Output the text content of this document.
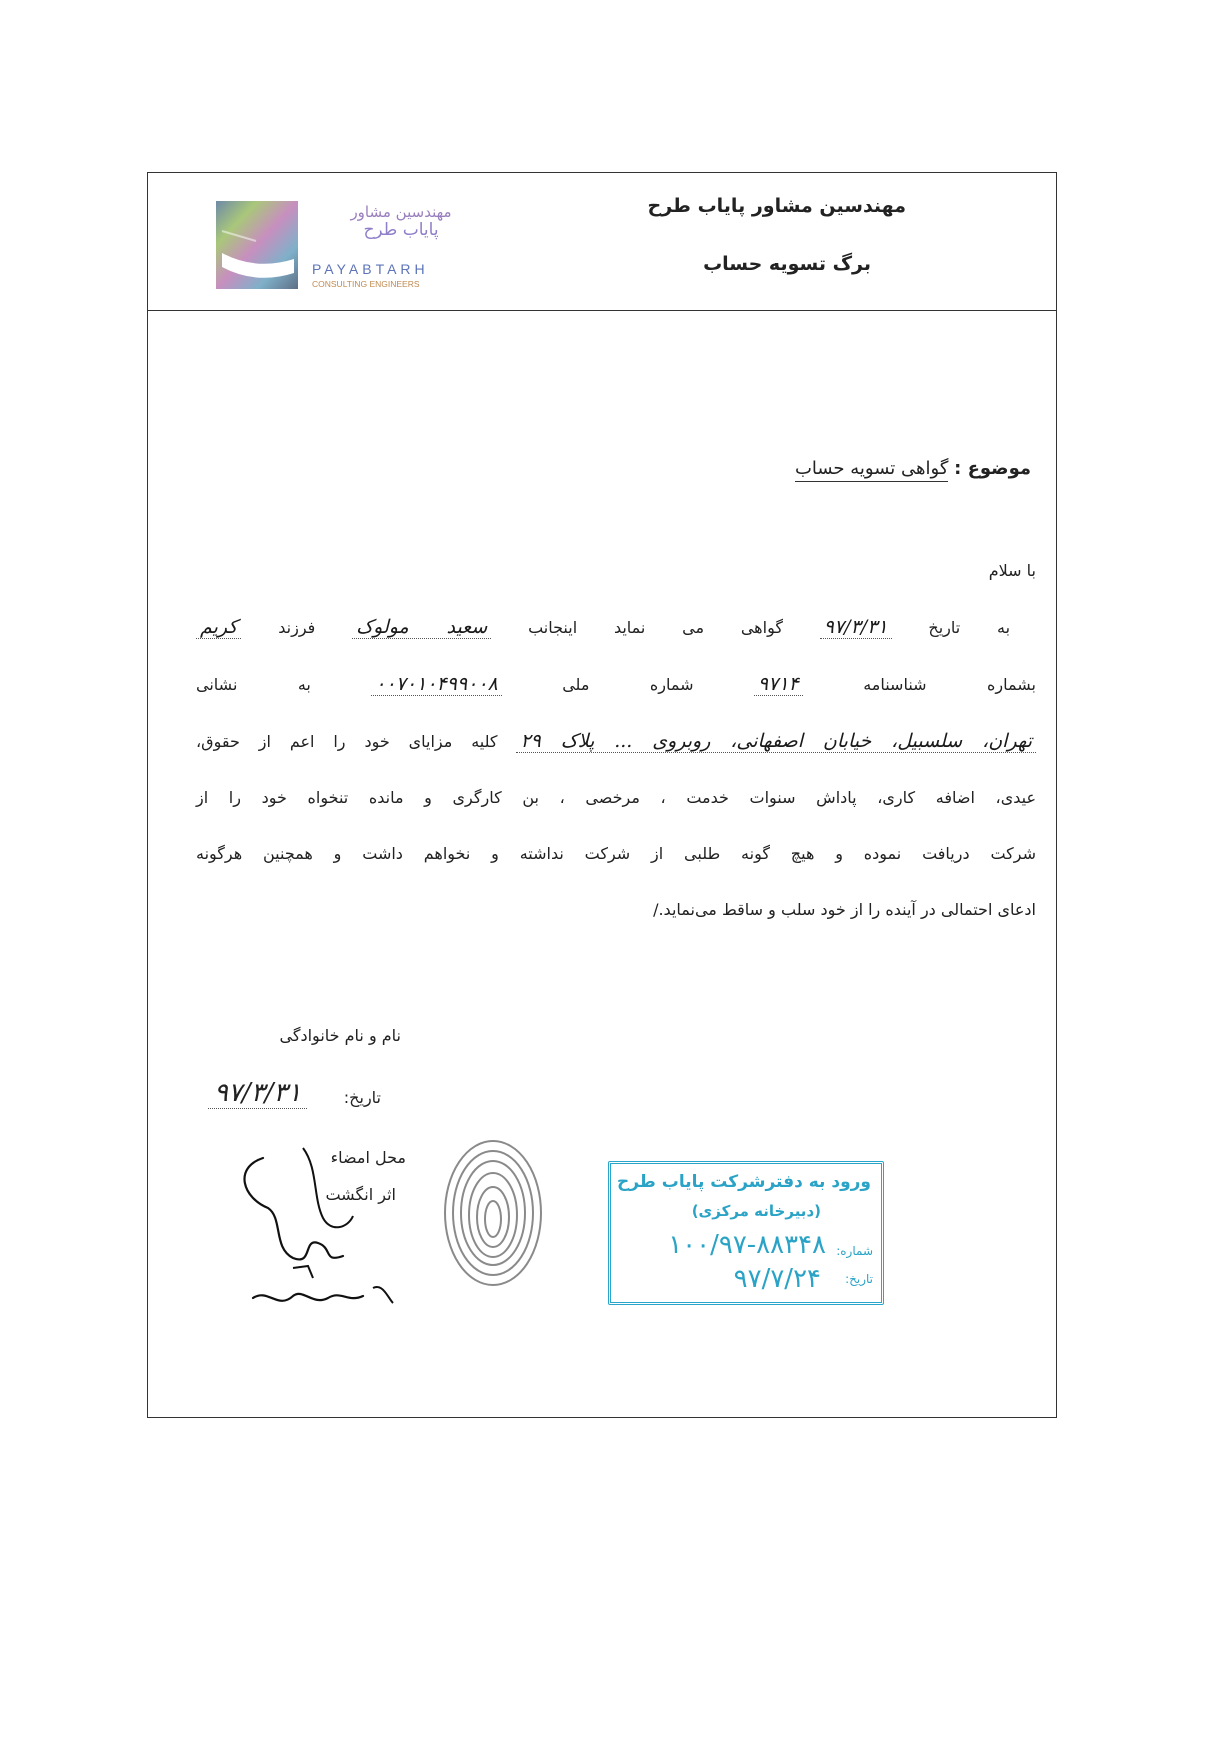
مهندسین مشاور پایاب طرح
برگ تسویه حساب
مهندسین مشاور
پایاب طرح
PAYABTARH
CONSULTING ENGINEERS
موضوع : گواهی تسویه حساب
با سلام
به تاریخ ۹۷/۳/۳۱ گواهی می نماید اینجانب سعید مولوک فرزند کریم
بشماره شناسنامه ۹۷۱۴ شماره ملی ۰۰۷۰۱۰۴۹۹۰۰۸ به نشانی
تهران، سلسبیل، خیابان اصفهانی، روبروی ... پلاک ۲۹ کلیه مزایای خود را اعم از حقوق،
عیدی، اضافه کاری، پاداش سنوات خدمت ، مرخصی ، بن کارگری و مانده تنخواه خود را از
شرکت دریافت نموده و هیچ گونه طلبی از شرکت نداشته و نخواهم داشت و همچنین هرگونه
ادعای احتمالی در آینده را از خود سلب و ساقط می‌نماید./
نام و نام خانوادگی
تاریخ:
۹۷/۳/۳۱
محل امضاء
اثر انگشت
ورود به دفترشرکت پایاب طرح
(دبیرخانه مرکزی)
شماره:
۱۰۰/۹۷-۸۸۳۴۸
تاریخ:
۹۷/۷/۲۴
